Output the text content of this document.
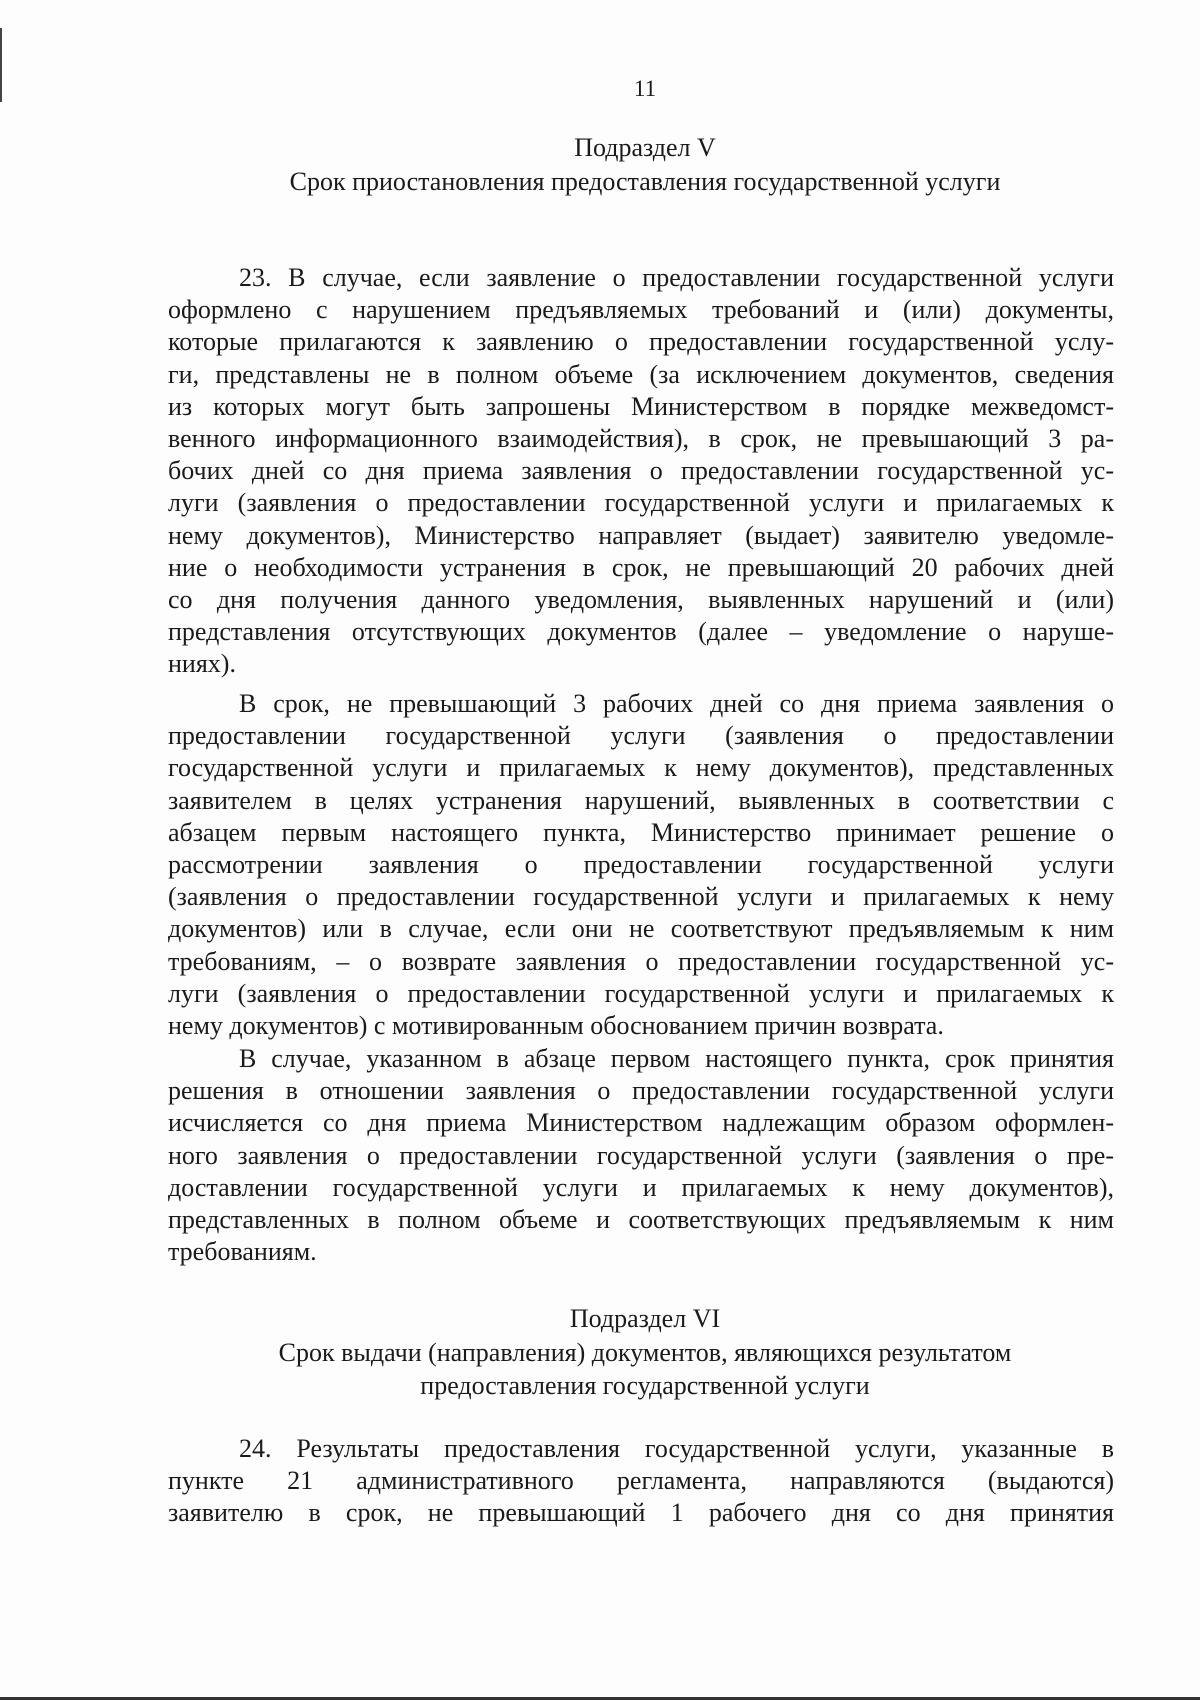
11
Подраздел V
Срок приостановления предоставления государственной услуги

23. В случае, если заявление о предоставлении государственной услуги
оформлено с нарушением предъявляемых требований и (или) документы,
которые прилагаются к заявлению о предоставлении государственной услу-
ги, представлены не в полном объеме (за исключением документов, сведения
из которых могут быть запрошены Министерством в порядке межведомст-
венного информационного взаимодействия), в срок, не превышающий 3 ра-
бочих дней со дня приема заявления о предоставлении государственной ус-
луги (заявления о предоставлении государственной услуги и прилагаемых к
нему документов), Министерство направляет (выдает) заявителю уведомле-
ние о необходимости устранения в срок, не превышающий 20 рабочих дней
со дня получения данного уведомления, выявленных нарушений и (или)
представления отсутствующих документов (далее – уведомление о наруше-
ниях).

В срок, не превышающий 3 рабочих дней со дня приема заявления о
предоставлении государственной услуги (заявления о предоставлении
государственной услуги и прилагаемых к нему документов), представленных
заявителем в целях устранения нарушений, выявленных в соответствии с
абзацем первым настоящего пункта, Министерство принимает решение о
рассмотрении заявления о предоставлении государственной услуги
(заявления о предоставлении государственной услуги и прилагаемых к нему
документов) или в случае, если они не соответствуют предъявляемым к ним
требованиям, – о возврате заявления о предоставлении государственной ус-
луги (заявления о предоставлении государственной услуги и прилагаемых к
нему документов) с мотивированным обоснованием причин возврата.

В случае, указанном в абзаце первом настоящего пункта, срок принятия
решения в отношении заявления о предоставлении государственной услуги
исчисляется со дня приема Министерством надлежащим образом оформлен-
ного заявления о предоставлении государственной услуги (заявления о пре-
доставлении государственной услуги и прилагаемых к нему документов),
представленных в полном объеме и соответствующих предъявляемым к ним
требованиям.

Подраздел VI
Срок выдачи (направления) документов, являющихся результатом
предоставления государственной услуги

24. Результаты предоставления государственной услуги, указанные в
пункте 21 административного регламента, направляются (выдаются)
заявителю в срок, не превышающий 1 рабочего дня со дня принятия
